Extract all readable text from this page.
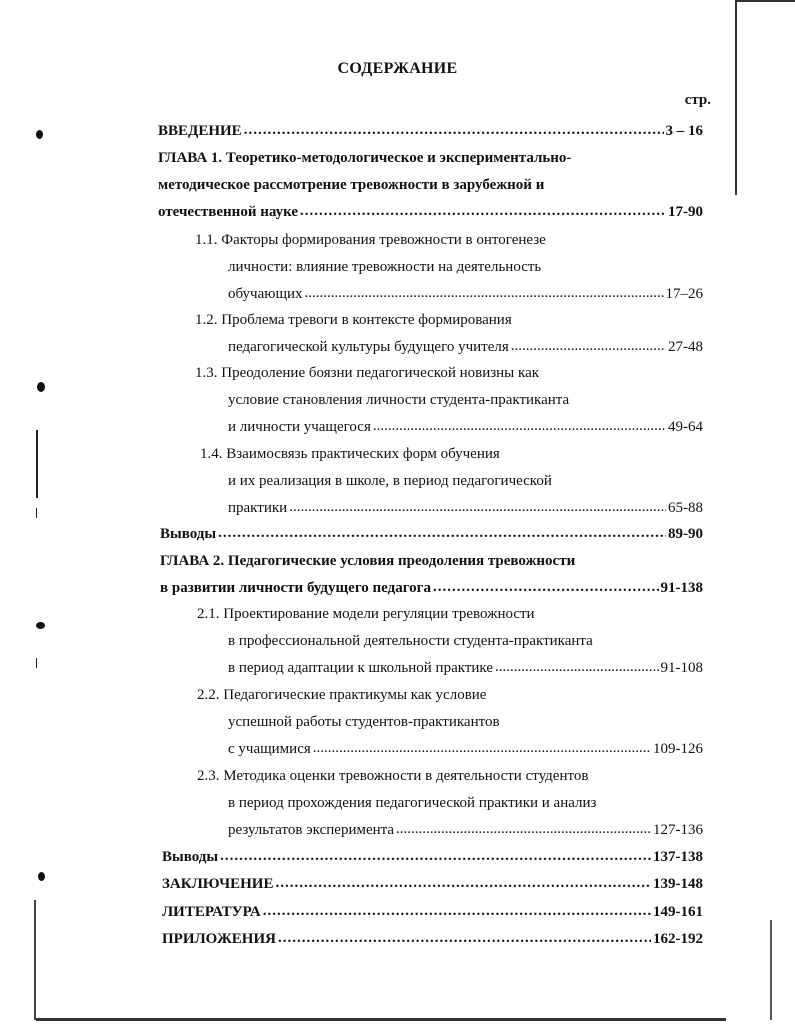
СОДЕРЖАНИЕ
стр.
ВВЕДЕНИЕ .....	3 – 16
ГЛАВА 1. Теоретико-методологическое и экспериментально-
методическое рассмотрение тревожности в зарубежной и
отечественной науке .....	17-90
1.1. Факторы формирования тревожности в онтогенезе
личности: влияние тревожности на деятельность
обучающих .....	17–26
1.2. Проблема тревоги в контексте формирования
педагогической культуры будущего учителя .....	27-48
1.3. Преодоление боязни педагогической новизны как
условие становления личности студента-практиканта
и личности учащегося .....	49-64
1.4. Взаимосвязь практических форм обучения
и их реализация в школе, в период педагогической
практики .....	65-88
Выводы .....	89-90
ГЛАВА 2. Педагогические условия преодоления тревожности
в развитии личности будущего педагога .....	91-138
2.1. Проектирование модели регуляции тревожности
в профессиональной деятельности студента-практиканта
в период адаптации к школьной практике .....	91-108
2.2. Педагогические практикумы как условие
успешной работы студентов-практикантов
с учащимися .....	109-126
2.3. Методика оценки тревожности в деятельности студентов
в период прохождения педагогической практики и анализ
результатов эксперимента .....	127-136
Выводы .....	137-138
ЗАКЛЮЧЕНИЕ .....	139-148
ЛИТЕРАТУРА .....	149-161
ПРИЛОЖЕНИЯ .....	162-192
